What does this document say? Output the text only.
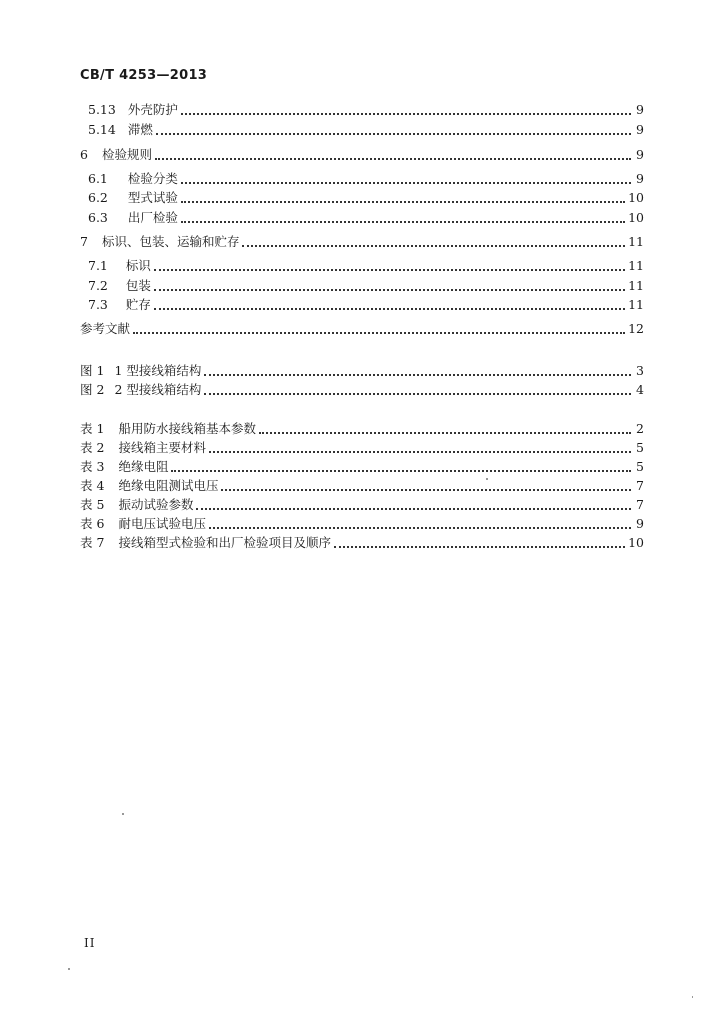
CB/T 4253—2013
5.13 外壳防护	9
5.14 滞燃	9
6 检验规则	9
6.1 检验分类	9
6.2 型式试验	10
6.3 出厂检验	10
7 标识、包装、运输和贮存	11
7.1 标识	11
7.2 包装	11
7.3 贮存	11
参考文献	12
图 1 1 型接线箱结构	3
图 2 2 型接线箱结构	4
表 1 船用防水接线箱基本参数	2
表 2 接线箱主要材料	5
表 3 绝缘电阻	5
表 4 绝缘电阻测试电压	7
表 5 振动试验参数	7
表 6 耐电压试验电压	9
表 7 接线箱型式检验和出厂检验项目及顺序	10
II
